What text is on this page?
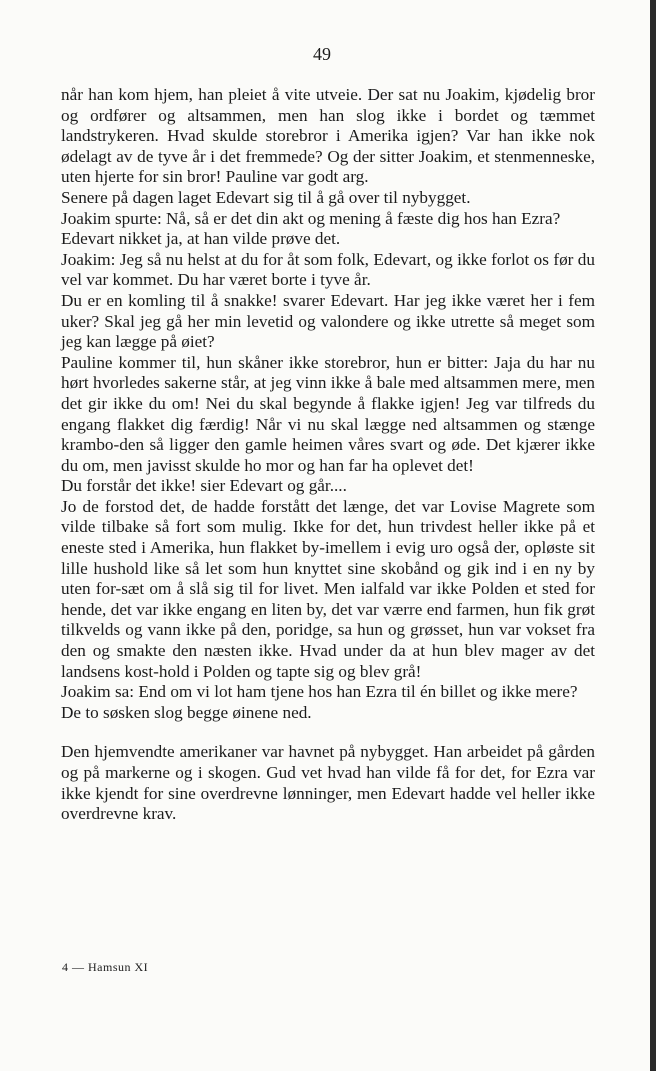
49

når han kom hjem, han pleiet å vite utveie. Der sat nu Joakim, kjødelig bror og ordfører og altsammen, men han slog ikke i bordet og tæmmet landstrykeren. Hvad skulde storebror i Amerika igjen? Var han ikke nok ødelagt av de tyve år i det fremmede? Og der sitter Joakim, et stenmenneske, uten hjerte for sin bror! Pauline var godt arg.

Senere på dagen laget Edevart sig til å gå over til nybygget.

Joakim spurte: Nå, så er det din akt og mening å fæste dig hos han Ezra?

Edevart nikket ja, at han vilde prøve det.

Joakim: Jeg så nu helst at du for åt som folk, Edevart, og ikke forlot os før du vel var kommet. Du har været borte i tyve år.

Du er en komling til å snakke! svarer Edevart. Har jeg ikke været her i fem uker? Skal jeg gå her min levetid og valondere og ikke utrette så meget som jeg kan lægge på øiet?

Pauline kommer til, hun skåner ikke storebror, hun er bitter: Jaja du har nu hørt hvorledes sakerne står, at jeg vinn ikke å bale med altsammen mere, men det gir ikke du om! Nei du skal begynde å flakke igjen! Jeg var tilfreds du engang flakket dig færdig! Når vi nu skal lægge ned altsammen og stænge krambo-den så ligger den gamle heimen våres svart og øde. Det kjærer ikke du om, men javisst skulde ho mor og han far ha oplevet det!

Du forstår det ikke! sier Edevart og går....

Jo de forstod det, de hadde forstått det længe, det var Lovise Magrete som vilde tilbake så fort som mulig. Ikke for det, hun trivdest heller ikke på et eneste sted i Amerika, hun flakket by-imellem i evig uro også der, opløste sit lille hushold like så let som hun knyttet sine skobånd og gik ind i en ny by uten for-sæt om å slå sig til for livet. Men ialfald var ikke Polden et sted for hende, det var ikke engang en liten by, det var værre end farmen, hun fik grøt tilkvelds og vann ikke på den, poridge, sa hun og grøsset, hun var vokset fra den og smakte den næsten ikke. Hvad under da at hun blev mager av det landsens kost-hold i Polden og tapte sig og blev grå!

Joakim sa: End om vi lot ham tjene hos han Ezra til én billet og ikke mere?

De to søsken slog begge øinene ned.

Den hjemvendte amerikaner var havnet på nybygget. Han arbeidet på gården og på markerne og i skogen. Gud vet hvad han vilde få for det, for Ezra var ikke kjendt for sine overdrevne lønninger, men Edevart hadde vel heller ikke overdrevne krav.

4 — Hamsun XI
